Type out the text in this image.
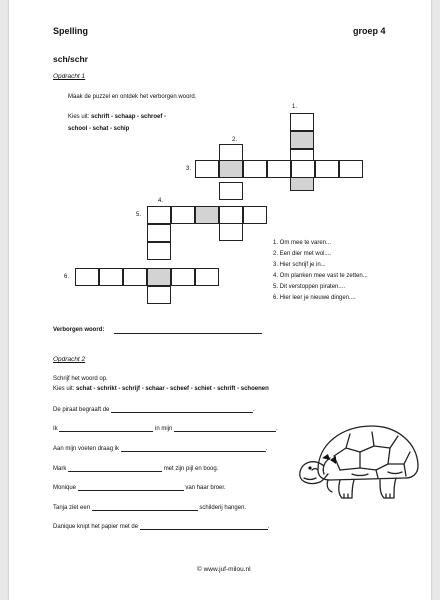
Spelling	groep 4
sch/schr
Opdracht 1
Maak de puzzel en ontdek het verborgen woord.
Kies uit: schrift - schaap - schroef -
school - schat - schip
1.
2.
3.
4.
5.
6.
1. Om mee te varen...
2. Een dier met wol....
3. Hier schrijf je in...
4. Om planken mee vast te zetten...
5. Dit verstoppen piraten....
6. Hier leer je nieuwe dingen....
Verborgen woord:
Opdracht 2
Schrijf het woord op.
Kies uit: schat - schrikt - schrijf - schaar - scheef - schiet - schrift - schoenen
De piraat begraaft de	.
Ik	in mijn	.
Aan mijn voeten draag ik	.
Mark	met zijn pijl en boog.
Monique	van haar broer.
Tanja ziet een	schilderij hangen.
Danique knipt het papier met de	.
© www.juf-milou.nl
